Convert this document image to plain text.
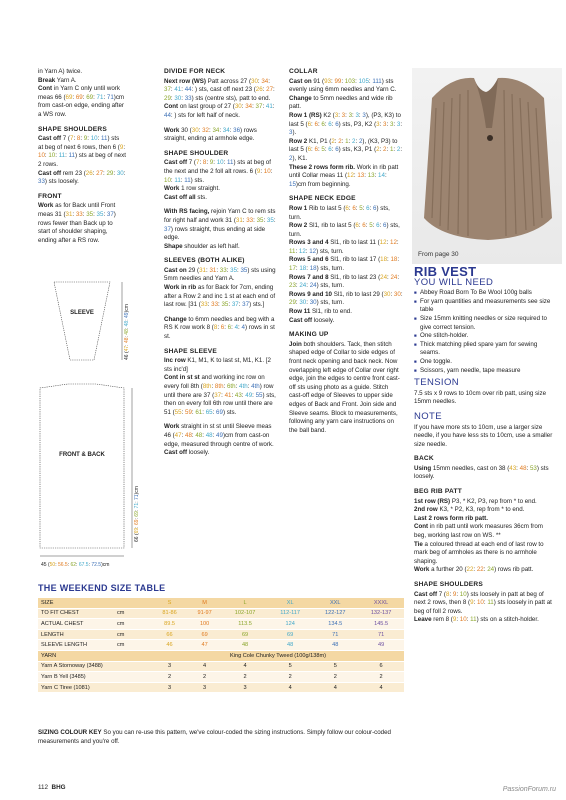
in Yarn A) twice.
Break Yarn A.
Cont in Yarn C only until work meas 66 (69: 69: 69: 71: 71)cm from cast-on edge, ending after a WS row.

SHAPE SHOULDERS

Cast off 7 (7: 8: 9: 10: 11) sts at beg of next 6 rows, then 6 (9: 10: 10: 11: 11) sts at beg of next 2 rows.
Cast off rem 23 (26: 27: 29: 30: 33) sts loosely.

FRONT

Work as for Back until Front meas 31 (31: 33: 35: 35: 37) rows fewer than Back up to start of shoulder shaping, ending after a RS row.

SLEEVE
46 (47: 48: 48: 48: 49)cm
FRONT & BACK
66 (69: 69: 69: 71: 71)cm
45 (50: 56.5: 62: 67.5: 72.5)cm
DIVIDE FOR NECK

Next row (WS) Patt across 27 (30: 34: 37: 41: 44: ) sts, cast off next 23 (26: 27: 29: 30: 33) sts (centre sts), patt to end.
Cont on last group of 27 (30: 34: 37: 41: 44: ) sts for left half of neck.

Work 30 (30: 32: 34: 34: 36) rows straight, ending at armhole edge.

SHAPE SHOULDER

Cast off 7 (7: 8: 9: 10: 11) sts at beg of the next and the 2 foll alt rows. 6 (9: 10: 10: 11: 11) sts.
Work 1 row straight.
Cast off all sts.

With RS facing, rejoin Yarn C to rem sts for right half and work 31 (31: 33: 35: 35: 37) rows straight, thus ending at side edge.
Shape shoulder as left half.

SLEEVES (BOTH ALIKE)

Cast on 29 (31: 31: 33: 35: 35) sts using 5mm needles and Yarn A.
Work in rib as for Back for 7cm, ending after a Row 2 and inc 1 st at each end of last row. [31 (33: 33: 35: 37: 37) sts.]

Change to 6mm needles and beg with a RS K row work 8 (8: 6: 6: 4: 4) rows in st st.

SHAPE SLEEVE

Inc row K1, M1, K to last st, M1, K1. [2 sts inc'd]
Cont in st st and working inc row on every foll 8th (8th: 8th: 6th: 4th: 4th) row until there are 37 (37: 41: 43: 49: 55) sts, then on every foll 6th row until there are 51 (55: 59: 61: 65: 69) sts.

Work straight in st st until Sleeve meas 46 (47: 48: 48: 48: 49)cm from cast-on edge, measured through centre of work.
Cast off loosely.

COLLAR

Cast on 91 (93: 99: 103: 105: 111) sts evenly using 6mm needles and Yarn C.
Change to 5mm needles and wide rib patt.
Row 1 (RS) K2 (3: 3: 3: 3: 3), (P3, K3) to last 5 (6: 6: 6: 6: 6) sts, P3, K2 (3: 3: 3: 3: 3).
Row 2 K1, P1 (2: 2: 1: 2: 2), (K3, P3) to last 5 (6: 6: 5: 6: 6) sts, K3, P1 (2: 2: 1: 2: 2), K1.
These 2 rows form rib. Work in rib patt until Collar meas 11 (12: 13: 13: 14: 15)cm from beginning.

SHAPE NECK EDGE

Row 1 Rib to last 5 (6: 6: 5: 6: 6) sts, turn.
Row 2 Sl1, rib to last 5 (6: 6: 5: 6: 6) sts, turn.
Rows 3 and 4 Sl1, rib to last 11 (12: 12: 11: 12: 12) sts, turn.
Rows 5 and 6 Sl1, rib to last 17 (18: 18: 17: 18: 18) sts, turn.
Rows 7 and 8 Sl1, rib to last 23 (24: 24: 23: 24: 24) sts, turn.
Rows 9 and 10 Sl1, rib to last 29 (30: 30: 29: 30: 30) sts, turn.
Row 11 Sl1, rib to end.
Cast off loosely.

MAKING UP

Join both shoulders. Tack, then stitch shaped edge of Collar to side edges of front neck opening and back neck. Now overlapping left edge of Collar over right edge, join the edges to centre front cast-off sts using photo as a guide. Stitch cast-off edge of Sleeves to upper side edges of Back and Front. Join side and Sleeve seams. Block to measurements, following any yarn care instructions on the ball band.

From page 30
RIB VEST
YOU WILL NEED
■ Abbey Road Born To Be Wool 100g balls
■ For yarn quantities and measurements see size table
■ Size 15mm knitting needles or size required to give correct tension.
■ One stitch-holder.
■ Thick matching plied spare yarn for sewing seams.
■ One toggle.
■ Scissors, yarn needle, tape measure
TENSION

7.5 sts x 9 rows to 10cm over rib patt, using size 15mm needles.

NOTE

If you have more sts to 10cm, use a larger size needle, if you have less sts to 10cm, use a smaller size needle.

BACK

Using 15mm needles, cast on 38 (43: 48: 53) sts loosely.

BEG RIB PATT

1st row (RS) P3, * K2, P3, rep from * to end.
2nd row K3, * P2, K3, rep from * to end.
Last 2 rows form rib patt.
Cont in rib patt until work measures 36cm from beg, working last row on WS. **
Tie a coloured thread at each end of last row to mark beg of armholes as there is no armhole shaping.
Work a further 20 (22: 22: 24) rows rib patt.

SHAPE SHOULDERS

Cast off 7 (8: 9: 10) sts loosely in patt at beg of next 2 rows, then 8 (9: 10: 11) sts loosely in patt at beg of foll 2 rows.
Leave rem 8 (9: 10: 11) sts on a stitch-holder.

THE WEEKEND SIZE TABLE
SIZE		S	M	L	XL	XXL	XXXL
TO FIT CHEST	cm	81-86	91-97	102-107	112-117	122-127	132-137
ACTUAL CHEST	cm	89.5	100	113.5	124	134.5	145.5
LENGTH	cm	66	69	69	69	71	71
SLEEVE LENGTH	cm	46	47	48	48	48	49
YARN		King Cole Chunky Tweed (100g/138m)					
Yarn A Stornoway (3488)		3	4	4	5	5	6
Yarn B Yell (3485)		2	2	2	2	2	2
Yarn C Tiree (1081)		3	3	3	4	4	4
SIZING COLOUR KEY So you can re-use this pattern, we've colour-coded the sizing instructions. Simply follow our colour-coded measurements and you're off.
112 BHG	PassionForum.ru
